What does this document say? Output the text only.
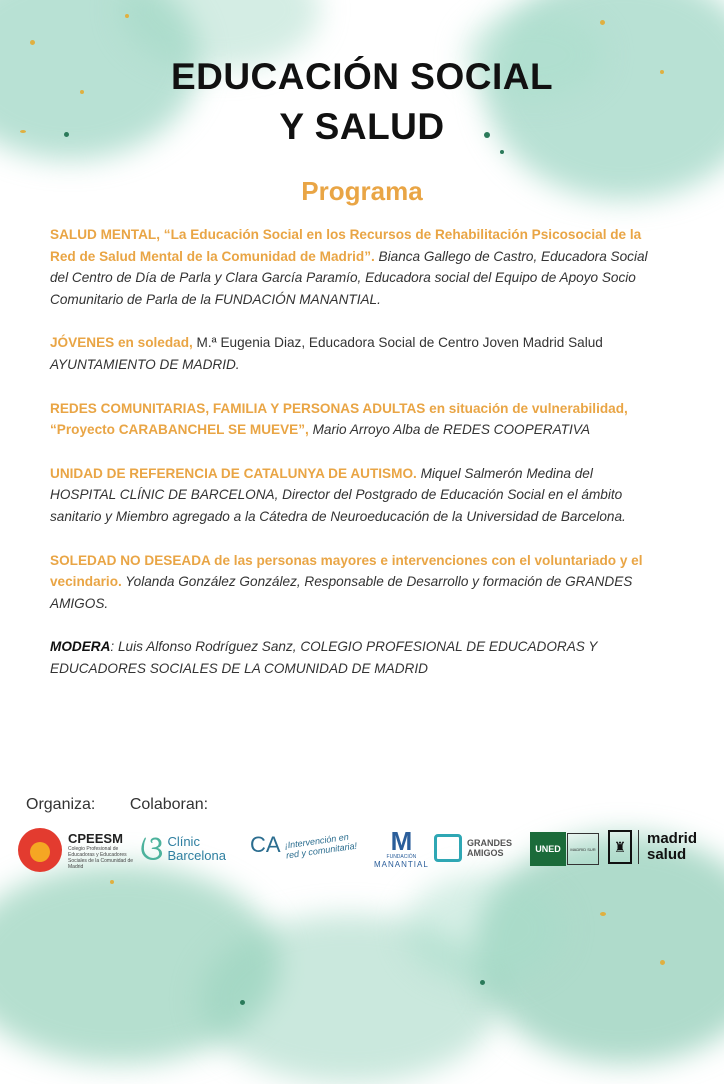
EDUCACIÓN SOCIAL
Y SALUD
Programa

SALUD MENTAL, “La Educación Social en los Recursos de Rehabilitación Psicosocial de la Red de Salud Mental de la Comunidad de Madrid”. Bianca Gallego de Castro, Educadora Social del Centro de Día de Parla y Clara García Paramío, Educadora social del Equipo de Apoyo Socio Comunitario de Parla de la FUNDACIÓN MANANTIAL.

JÓVENES en soledad, M.ª Eugenia Diaz, Educadora Social de Centro Joven Madrid Salud AYUNTAMIENTO DE MADRID.

REDES COMUNITARIAS, FAMILIA Y PERSONAS ADULTAS en situación de vulnerabilidad, “Proyecto CARABANCHEL SE MUEVE”, Mario Arroyo Alba de REDES COOPERATIVA

UNIDAD DE REFERENCIA DE CATALUNYA DE AUTISMO. Miquel Salmerón Medina del HOSPITAL CLÍNIC DE BARCELONA, Director del Postgrado de Educación Social en el ámbito sanitario y Miembro agregado a la Cátedra de Neuroeducación de la Universidad de Barcelona.

SOLEDAD NO DESEADA de las personas mayores e intervenciones con el voluntariado y el vecindario. Yolanda González González, Responsable de Desarrollo y formación de GRANDES AMIGOS.

MODERA: Luis Alfonso Rodríguez Sanz, COLEGIO PROFESIONAL DE EDUCADORAS Y EDUCADORES SOCIALES DE LA COMUNIDAD DE MADRID

Organiza: Colaboran:
CPEESM
Colegio Profesional de Educadoras y Educadores Sociales de la Comunidad de Madrid	ଓ Clínic
Barcelona CA ¡Intervención en red y comunitaria!	M
FUNDACIÓN
MANANTIAL
GRANDES
AMIGOS	UNED	MADRID SUR	♜	madrid
salud
